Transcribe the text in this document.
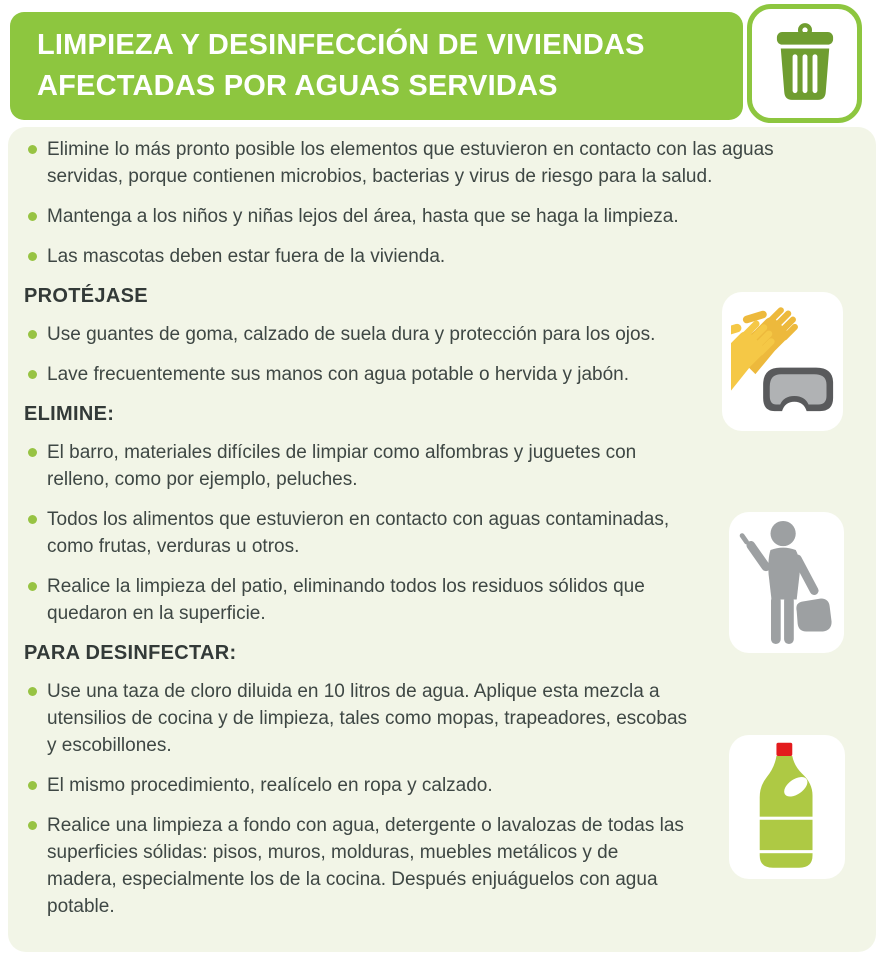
LIMPIEZA Y DESINFECCIÓN DE VIVIENDAS
AFECTADAS POR AGUAS SERVIDAS
Elimine lo más pronto posible los elementos que estuvieron en contacto con las aguas servidas, porque contienen microbios, bacterias y virus de riesgo para la salud.
Mantenga a los niños y niñas lejos del área, hasta que se haga la limpieza.
Las mascotas deben estar fuera de la vivienda.
PROTÉJASE
Use guantes de goma, calzado de suela dura y protección para los ojos.
Lave frecuentemente sus manos con agua potable o hervida y jabón.
ELIMINE:
El barro, materiales difíciles de limpiar como alfombras y juguetes con relleno, como por ejemplo, peluches.
Todos los alimentos que estuvieron en contacto con aguas contaminadas, como frutas, verduras u otros.
Realice la limpieza del patio, eliminando todos los residuos sólidos que quedaron en la superficie.
PARA DESINFECTAR:
Use una taza de cloro diluida en 10 litros de agua. Aplique esta mezcla a utensilios de cocina y de limpieza, tales como mopas, trapeadores, escobas y escobillones.
El mismo procedimiento, realícelo en ropa y calzado.
Realice una limpieza a fondo con agua, detergente o lavalozas de todas las superficies sólidas: pisos, muros, molduras, muebles metálicos y de madera, especialmente los de la cocina. Después enjuáguelos con agua potable.
